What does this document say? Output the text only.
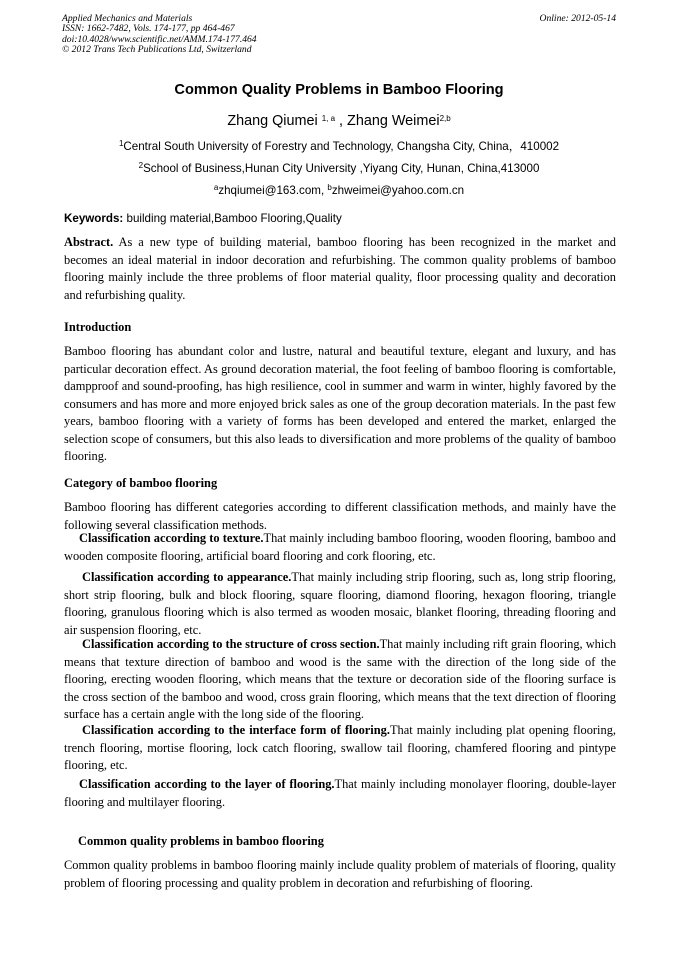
Applied Mechanics and Materials
ISSN: 1662-7482, Vols. 174-177, pp 464-467
doi:10.4028/www.scientific.net/AMM.174-177.464
© 2012 Trans Tech Publications Ltd, Switzerland
Online: 2012-05-14
Common Quality Problems in Bamboo Flooring
Zhang Qiumei $^{1, a}$ , Zhang Weimei$^{2,b}$
$^1$Central South University of Forestry and Technology, Changsha City, China，410002
$^2$School of Business,Hunan City University ,Yiyang City, Hunan, China,413000
$^a$zhqiumei@163.com, $^b$zhweimei@yahoo.com.cn
Keywords: building material,Bamboo Flooring,Quality
Abstract. As a new type of building material, bamboo flooring has been recognized in the market and becomes an ideal material in indoor decoration and refurbishing. The common quality problems of bamboo flooring mainly include the three problems of floor material quality, floor processing quality and decoration and refurbishing quality.
Introduction
Bamboo flooring has abundant color and lustre, natural and beautiful texture, elegant and luxury, and has particular decoration effect. As ground decoration material, the foot feeling of bamboo flooring is comfortable, dampproof and sound-proofing, has high resilience, cool in summer and warm in winter, highly favored by the consumers and has more and more enjoyed brick sales as one of the group decoration materials. In the past few years, bamboo flooring with a variety of forms has been developed and entered the market, enlarged the selection scope of consumers, but this also leads to diversification and more problems of the quality of bamboo flooring.
Category of bamboo flooring
Bamboo flooring has different categories according to different classification methods, and mainly have the following several classification methods.
Classification according to texture.That mainly including bamboo flooring, wooden flooring, bamboo and wooden composite flooring, artificial board flooring and cork flooring, etc.
Classification according to appearance.That mainly including strip flooring, such as, long strip flooring, short strip flooring, bulk and block flooring, square flooring, diamond flooring, hexagon flooring, triangle flooring, granulous flooring which is also termed as wooden mosaic, blanket flooring, threading flooring and air suspension flooring, etc.
Classification according to the structure of cross section.That mainly including rift grain flooring, which means that texture direction of bamboo and wood is the same with the direction of the long side of the flooring, erecting wooden flooring, which means that the texture or decoration side of the flooring surface is the cross section of the bamboo and wood, cross grain flooring, which means that the text direction of flooring surface has a certain angle with the long side of the flooring.
Classification according to the interface form of flooring.That mainly including plat opening flooring, trench flooring, mortise flooring, lock catch flooring, swallow tail flooring, chamfered flooring and pintype flooring, etc.
Classification according to the layer of flooring.That mainly including monolayer flooring, double-layer flooring and multilayer flooring.
Common quality problems in bamboo flooring
Common quality problems in bamboo flooring mainly include quality problem of materials of flooring, quality problem of flooring processing and quality problem in decoration and refurbishing of flooring.
